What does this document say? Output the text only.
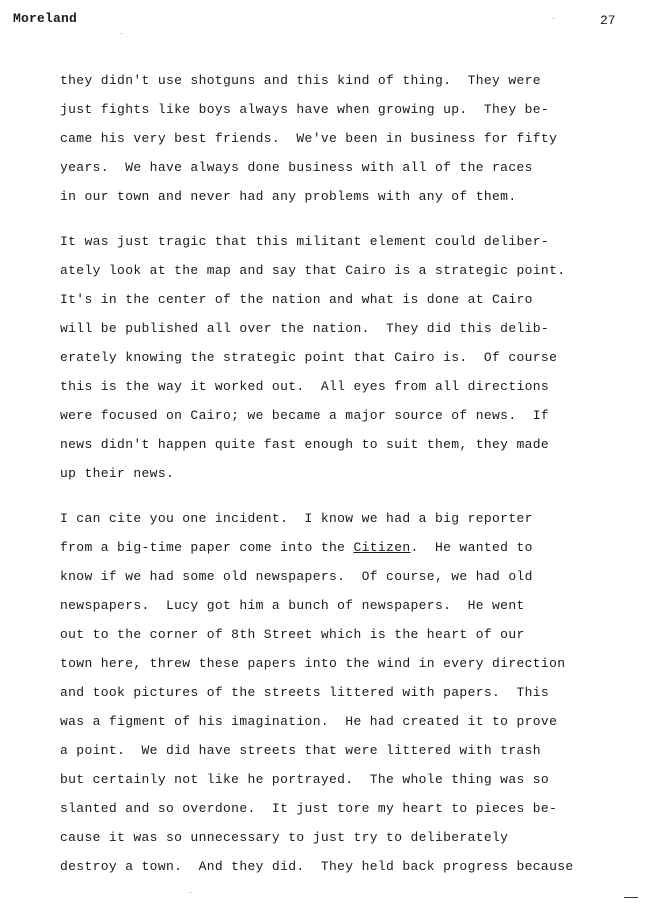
Moreland	27
they didn't use shotguns and this kind of thing.  They were
just fights like boys always have when growing up.  They be-
came his very best friends.  We've been in business for fifty
years.  We have always done business with all of the races
in our town and never had any problems with any of them.
It was just tragic that this militant element could deliber-
ately look at the map and say that Cairo is a strategic point.
It's in the center of the nation and what is done at Cairo
will be published all over the nation.  They did this delib-
erately knowing the strategic point that Cairo is.  Of course
this is the way it worked out.  All eyes from all directions
were focused on Cairo; we became a major source of news.  If
news didn't happen quite fast enough to suit them, they made
up their news.
I can cite you one incident.  I know we had a big reporter
from a big-time paper come into the Citizen.  He wanted to
know if we had some old newspapers.  Of course, we had old
newspapers.  Lucy got him a bunch of newspapers.  He went
out to the corner of 8th Street which is the heart of our
town here, threw these papers into the wind in every direction
and took pictures of the streets littered with papers.  This
was a figment of his imagination.  He had created it to prove
a point.  We did have streets that were littered with trash
but certainly not like he portrayed.  The whole thing was so
slanted and so overdone.  It just tore my heart to pieces be-
cause it was so unnecessary to just try to deliberately
destroy a town.  And they did.  They held back progress because
